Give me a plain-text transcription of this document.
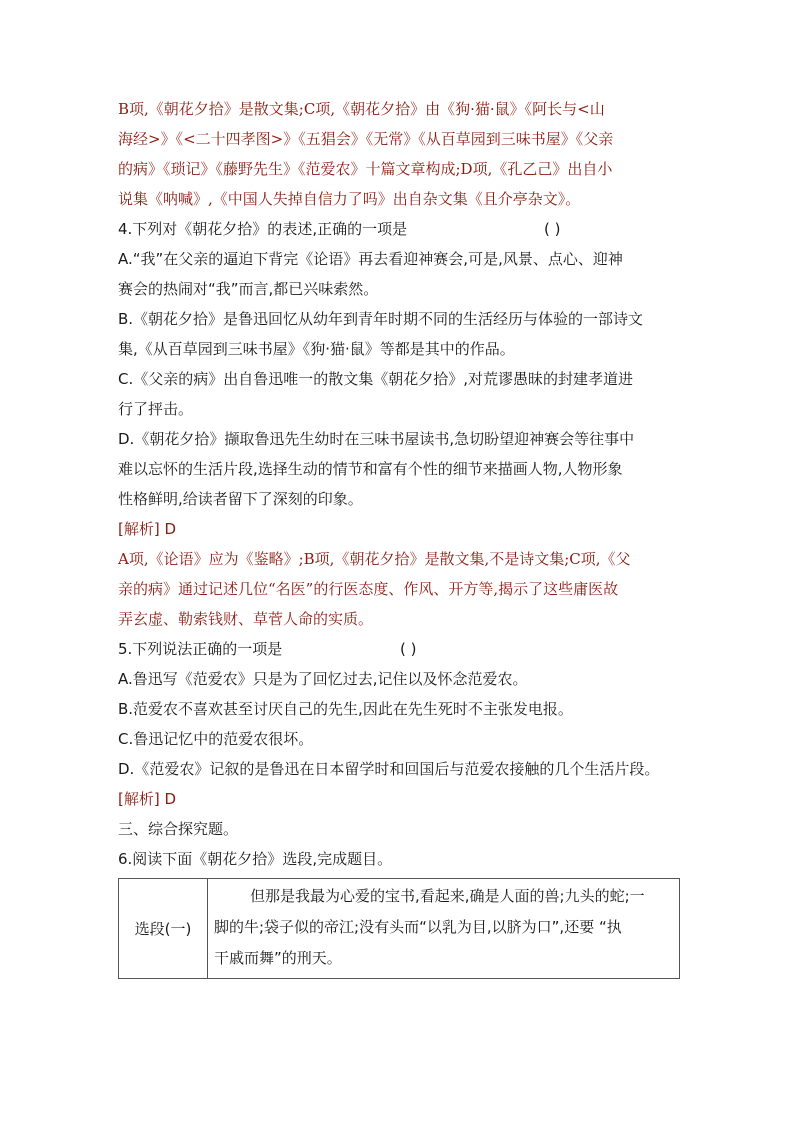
B项,《朝花夕拾》是散文集;C项,《朝花夕拾》由《狗·猫·鼠》《阿长与<山

海经>》《<二十四孝图>》《五猖会》《无常》《从百草园到三味书屋》《父亲

的病》《琐记》《藤野先生》《范爱农》十篇文章构成;D项,《孔乙己》出自小

说集《呐喊》,《中国人失掉自信力了吗》出自杂文集《且介亭杂文》。

4.下列对《朝花夕拾》的表述,正确的一项是	( )

A.“我”在父亲的逼迫下背完《论语》再去看迎神赛会,可是,风景、点心、迎神

赛会的热闹对“我”而言,都已兴味索然。

B.《朝花夕拾》是鲁迅回忆从幼年到青年时期不同的生活经历与体验的一部诗文

集,《从百草园到三味书屋》《狗·猫·鼠》等都是其中的作品。

C.《父亲的病》出自鲁迅唯一的散文集《朝花夕拾》,对荒谬愚昧的封建孝道进

行了抨击。

D.《朝花夕拾》撷取鲁迅先生幼时在三味书屋读书,急切盼望迎神赛会等往事中

难以忘怀的生活片段,选择生动的情节和富有个性的细节来描画人物,人物形象

性格鲜明,给读者留下了深刻的印象。

[解析] D

A项,《论语》应为《鉴略》;B项,《朝花夕拾》是散文集,不是诗文集;C项,《父

亲的病》通过记述几位“名医”的行医态度、作风、开方等,揭示了这些庸医故

弄玄虚、勒索钱财、草菅人命的实质。

5.下列说法正确的一项是	( )

A.鲁迅写《范爱农》只是为了回忆过去,记住以及怀念范爱农。

B.范爱农不喜欢甚至讨厌自己的先生,因此在先生死时不主张发电报。

C.鲁迅记忆中的范爱农很坏。

D.《范爱农》记叙的是鲁迅在日本留学时和回国后与范爱农接触的几个生活片段。

[解析] D

三、综合探究题。

6.阅读下面《朝花夕拾》选段,完成题目。

选段(一)	
但那是我最为心爱的宝书,看起来,确是人面的兽;九头的蛇;一
脚的牛;袋子似的帝江;没有头而“以乳为目,以脐为口”,还要 “执
干戚而舞”的刑天。
